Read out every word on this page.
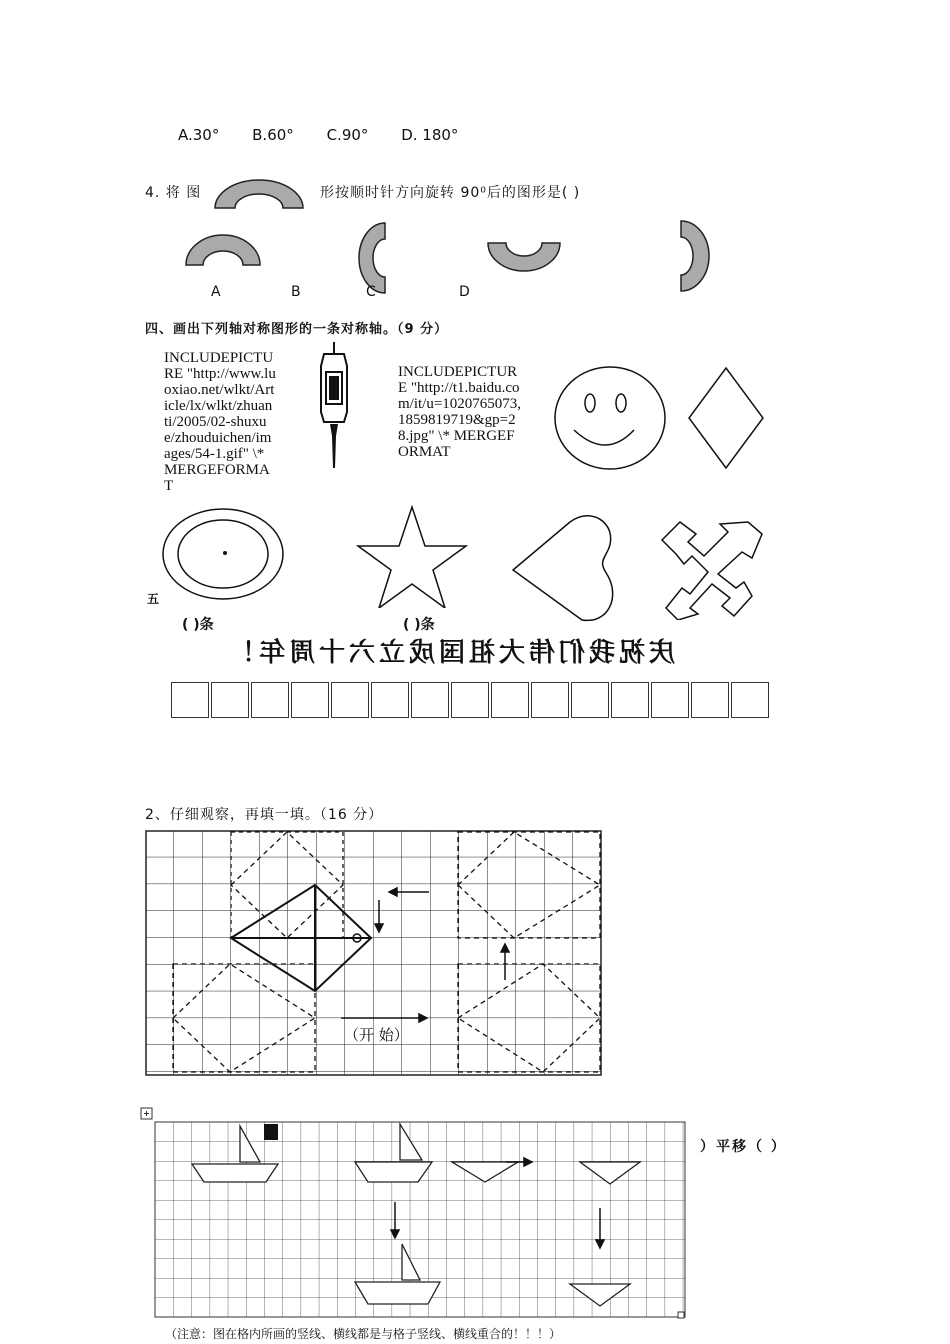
A.30° B.60° C.90° D. 180°
4. 将 图	形按顺时针方向旋转 90⁰后的图形是( )
A	B	C	D
四、画出下列轴对称图形的一条对称轴。（9 分）
INCLUDEPICTURE "http://www.luoxiao.net/wlkt/Article/lx/wlkt/zhuanti/2005/02-shuxue/zhouduichen/images/54-1.gif" \* MERGEFORMAT
INCLUDEPICTURE "http://t1.baidu.com/it/u=1020765073,1859819719&gp=28.jpg" \* MERGEFORMAT
五
( )条	( )条
庆祝我们伟大祖国成立六十周年！
2、仔细观察，再填一填。（16 分）
（开 始）
）平移（ ）
（注意：图在格内所画的竖线、横线都是与格子竖线、横线重合的！！！）
